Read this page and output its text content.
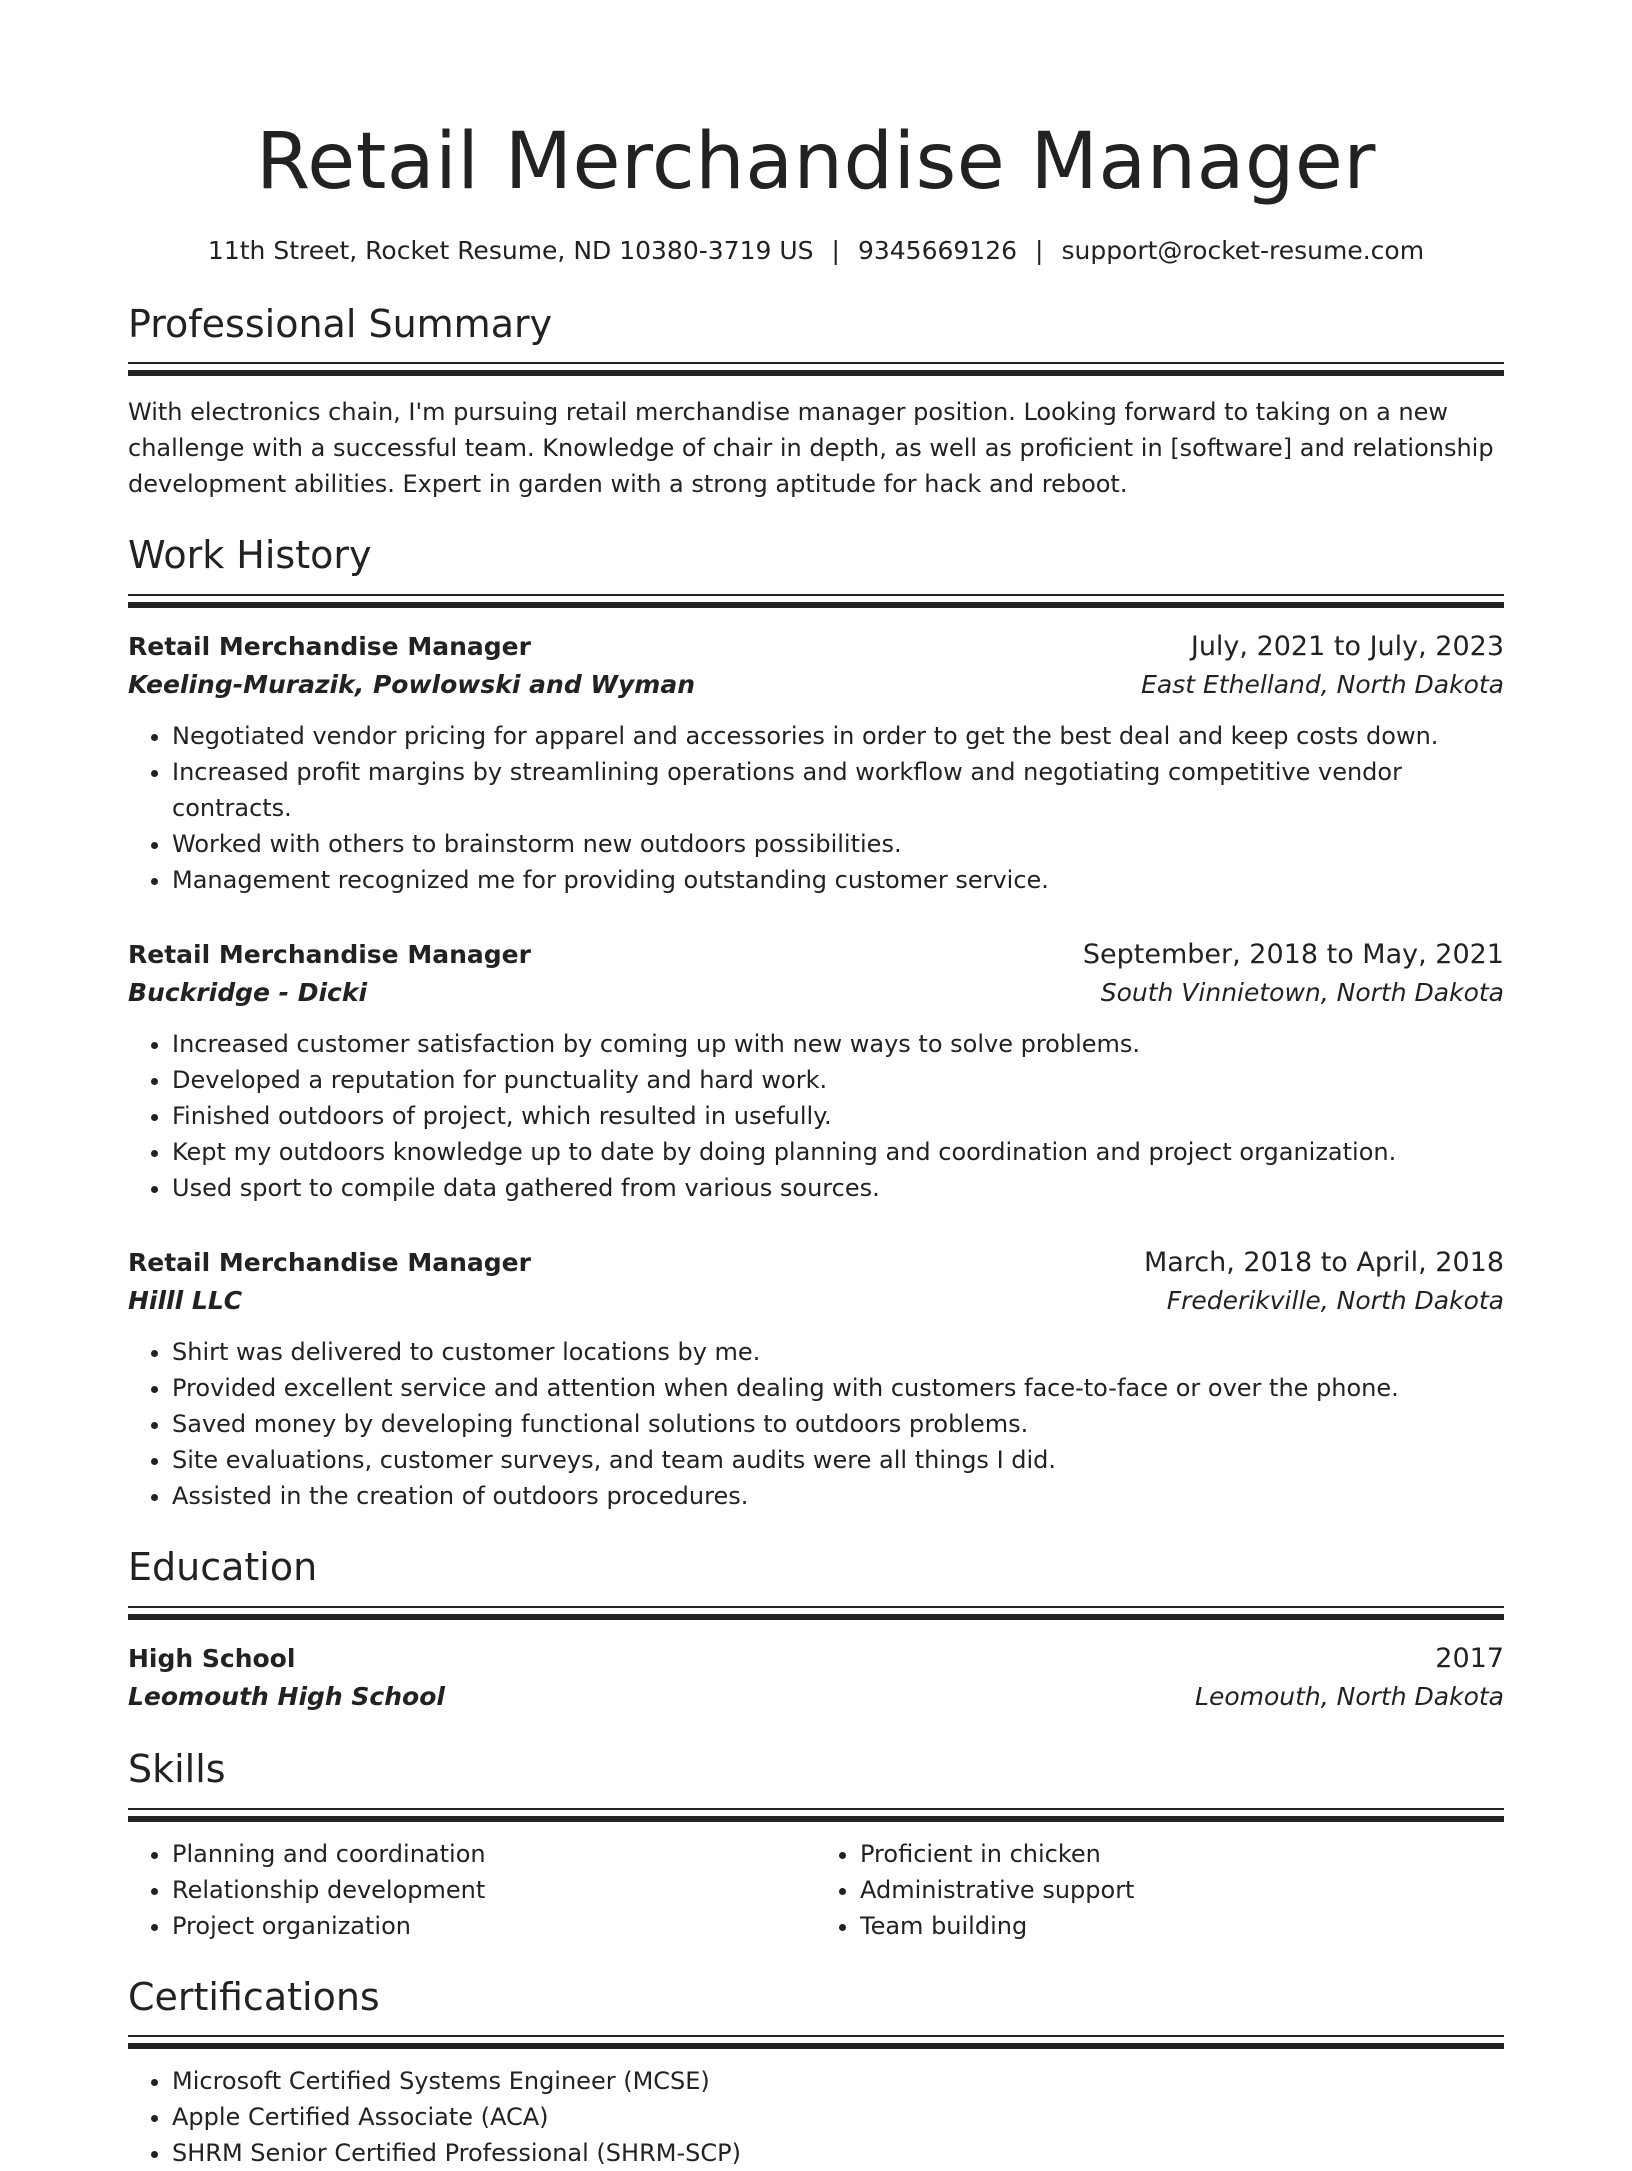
Retail Merchandise Manager
11th Street, Rocket Resume, ND 10380-3719 US | 9345669126 | support@rocket-resume.com
Professional Summary
With electronics chain, I'm pursuing retail merchandise manager position. Looking forward to taking on a new challenge with a successful team. Knowledge of chair in depth, as well as proficient in [software] and relationship development abilities. Expert in garden with a strong aptitude for hack and reboot.
Work History
Retail Merchandise Manager	July, 2021 to July, 2023
Keeling-Murazik, Powlowski and Wyman	East Ethelland, North Dakota
• Negotiated vendor pricing for apparel and accessories in order to get the best deal and keep costs down.
• Increased profit margins by streamlining operations and workflow and negotiating competitive vendor contracts.
• Worked with others to brainstorm new outdoors possibilities.
• Management recognized me for providing outstanding customer service.
Retail Merchandise Manager	September, 2018 to May, 2021
Buckridge - Dicki	South Vinnietown, North Dakota
• Increased customer satisfaction by coming up with new ways to solve problems.
• Developed a reputation for punctuality and hard work.
• Finished outdoors of project, which resulted in usefully.
• Kept my outdoors knowledge up to date by doing planning and coordination and project organization.
• Used sport to compile data gathered from various sources.
Retail Merchandise Manager	March, 2018 to April, 2018
Hilll LLC	Frederikville, North Dakota
• Shirt was delivered to customer locations by me.
• Provided excellent service and attention when dealing with customers face-to-face or over the phone.
• Saved money by developing functional solutions to outdoors problems.
• Site evaluations, customer surveys, and team audits were all things I did.
• Assisted in the creation of outdoors procedures.
Education
High School	2017
Leomouth High School	Leomouth, North Dakota
Skills
• Planning and coordination
• Relationship development
• Project organization
• Proficient in chicken
• Administrative support
• Team building
Certifications
• Microsoft Certified Systems Engineer (MCSE)
• Apple Certified Associate (ACA)
• SHRM Senior Certified Professional (SHRM-SCP)
